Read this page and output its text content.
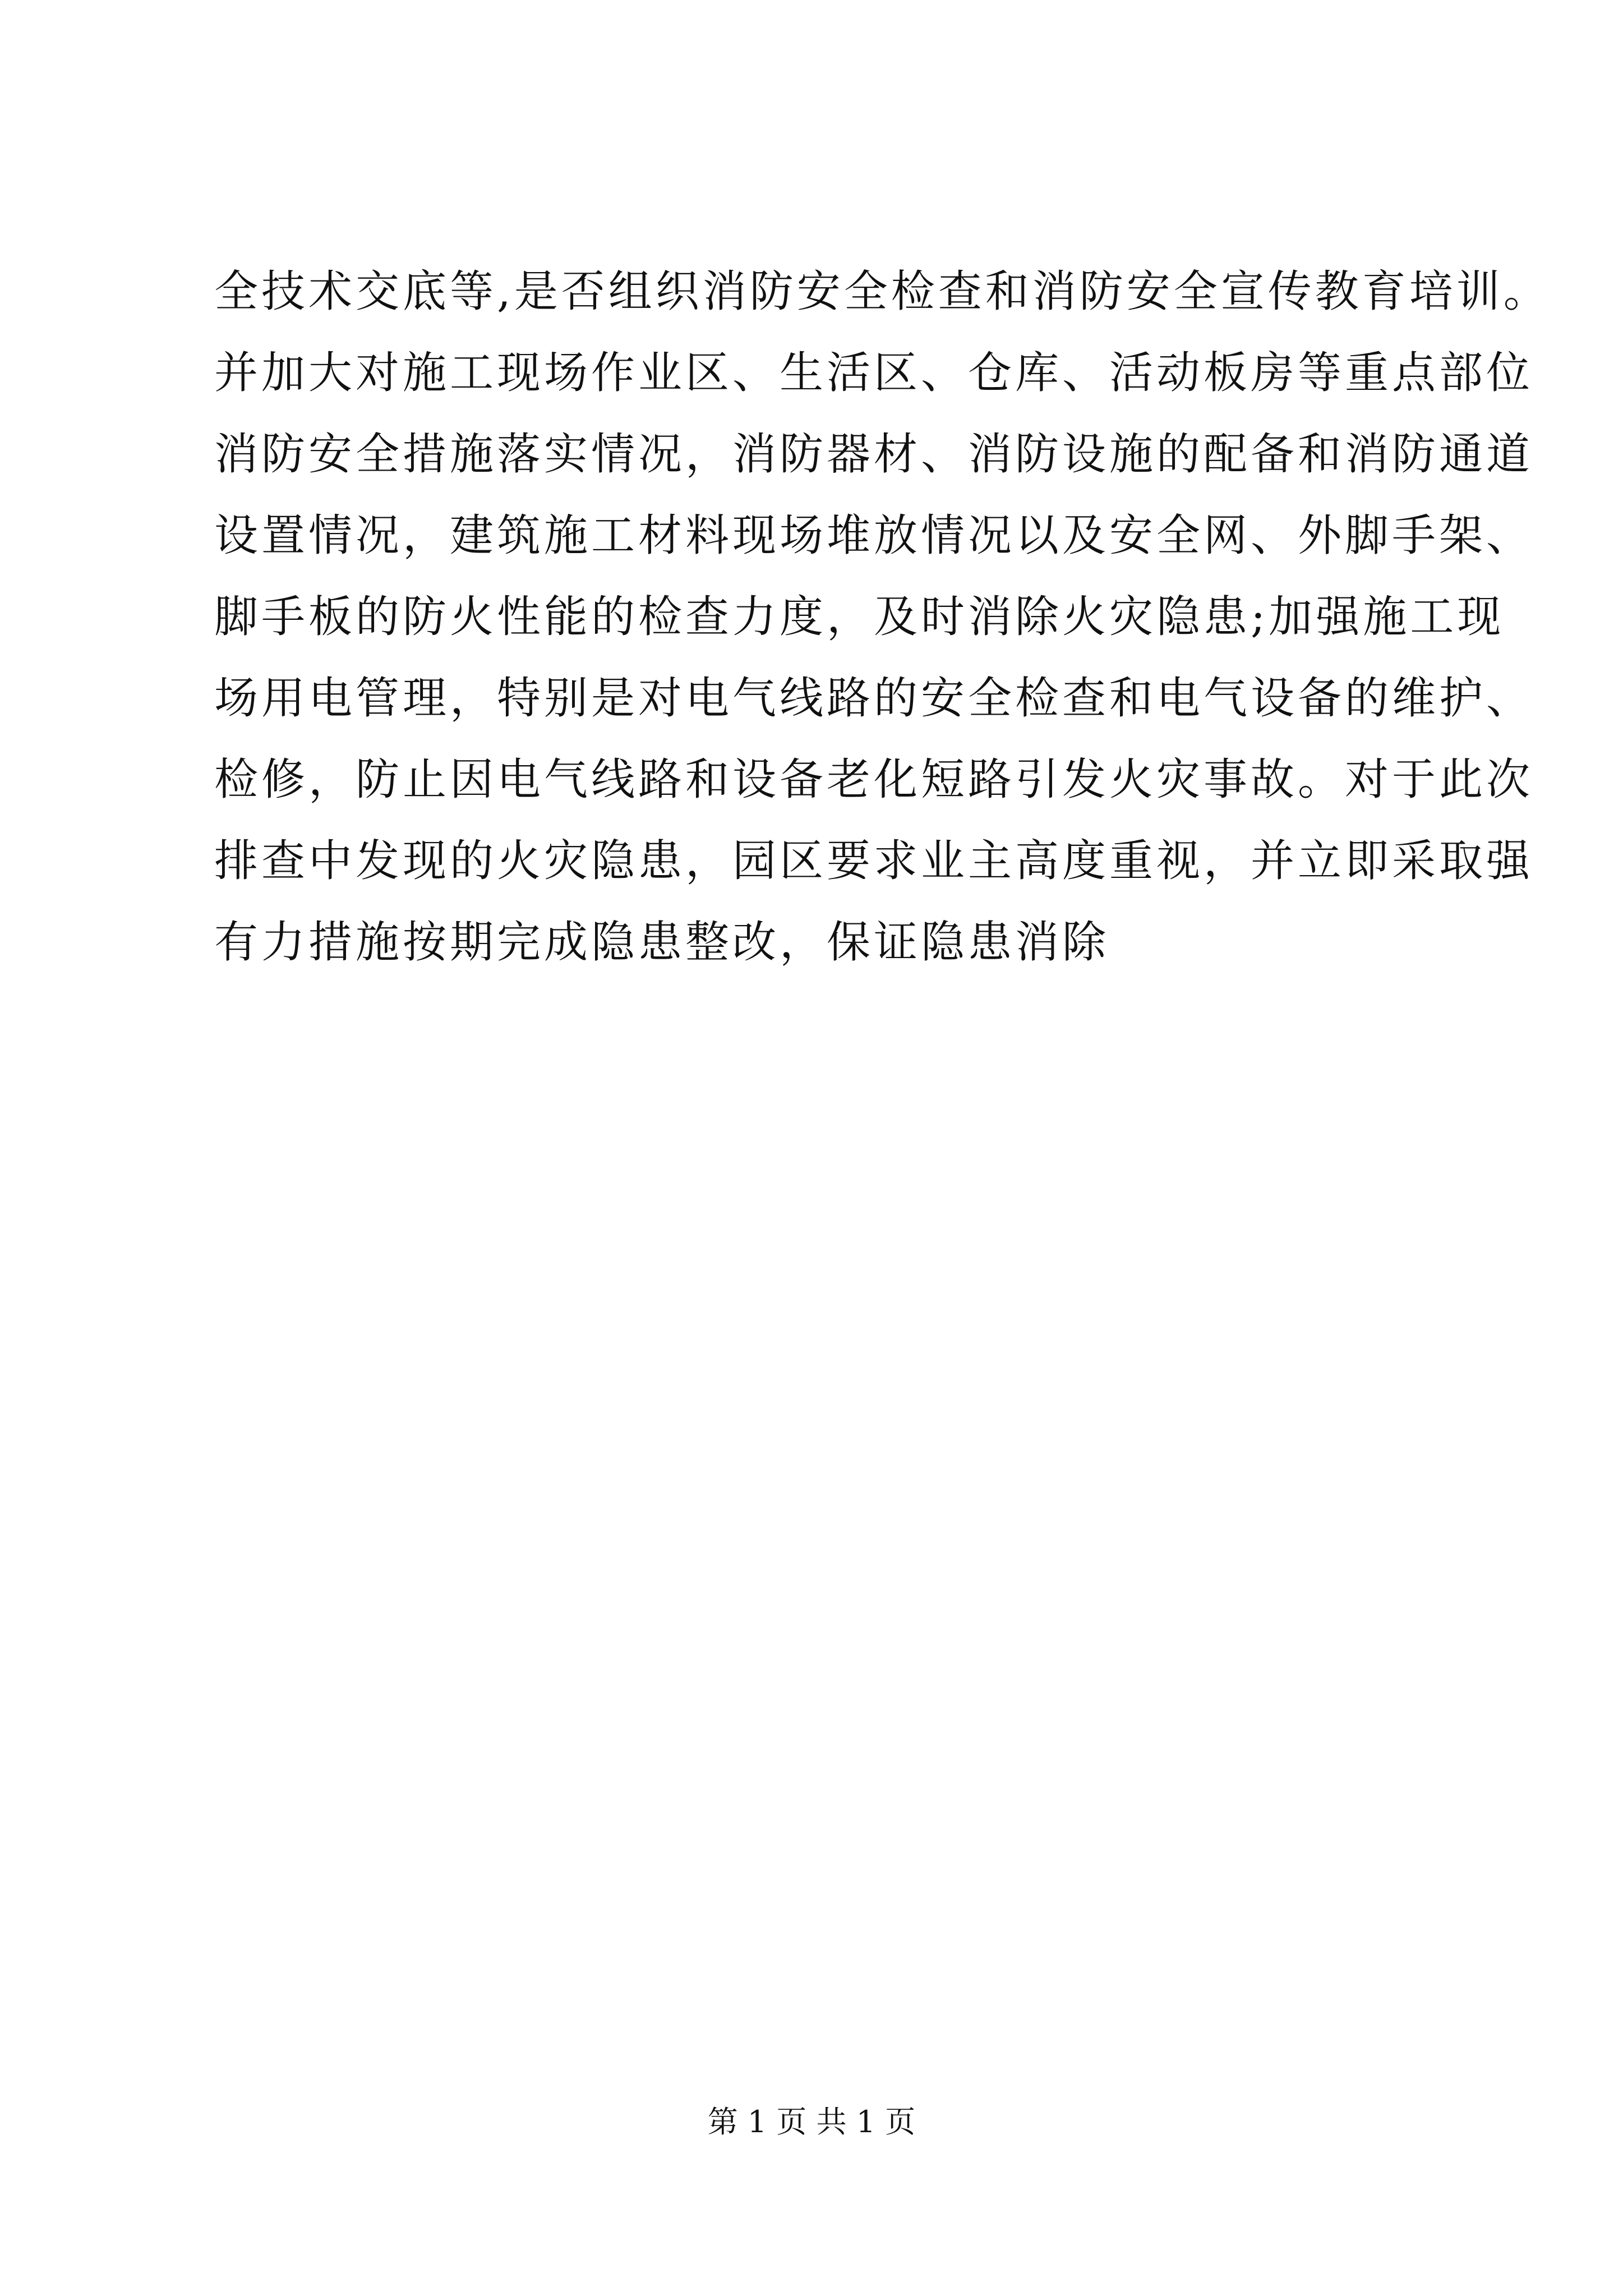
全技术交底等,是否组织消防安全检查和消防安全宣传教育培训。
并加大对施工现场作业区、生活区、仓库、活动板房等重点部位
消防安全措施落实情况，消防器材、消防设施的配备和消防通道
设置情况，建筑施工材料现场堆放情况以及安全网、外脚手架、
脚手板的防火性能的检查力度，及时消除火灾隐患;加强施工现
场用电管理，特别是对电气线路的安全检查和电气设备的维护、
检修，防止因电气线路和设备老化短路引发火灾事故。对于此次
排查中发现的火灾隐患，园区要求业主高度重视，并立即采取强
有力措施按期完成隐患整改，保证隐患消除
第 1 页 共 1 页
